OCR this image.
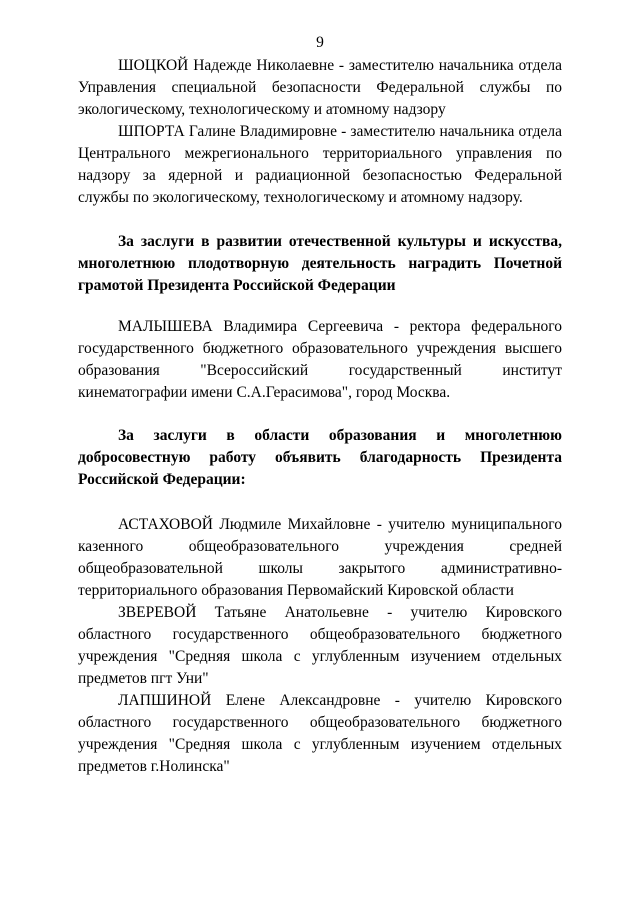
9

ШОЦКОЙ Надежде Николаевне - заместителю начальника отдела Управления специальной безопасности Федеральной службы по экологическому, технологическому и атомному надзору

ШПОРТА Галине Владимировне - заместителю начальника отдела Центрального межрегионального территориального управления по надзору за ядерной и радиационной безопасностью Федеральной службы по экологическому, технологическому и атомному надзору.

За заслуги в развитии отечественной культуры и искусства, многолетнюю плодотворную деятельность наградить Почетной грамотой Президента Российской Федерации

МАЛЫШЕВА Владимира Сергеевича - ректора федерального государственного бюджетного образовательного учреждения высшего образования "Всероссийский государственный институт кинематографии имени С.А.Герасимова", город Москва.

За заслуги в области образования и многолетнюю добросовестную работу объявить благодарность Президента Российской Федерации:

АСТАХОВОЙ Людмиле Михайловне - учителю муниципального казенного общеобразовательного учреждения средней общеобразовательной школы закрытого административно-территориального образования Первомайский Кировской области

ЗВЕРЕВОЙ Татьяне Анатольевне - учителю Кировского областного государственного общеобразовательного бюджетного учреждения "Средняя школа с углубленным изучением отдельных предметов пгт Уни"

ЛАПШИНОЙ Елене Александровне - учителю Кировского областного государственного общеобразовательного бюджетного учреждения "Средняя школа с углубленным изучением отдельных предметов г.Нолинска"
